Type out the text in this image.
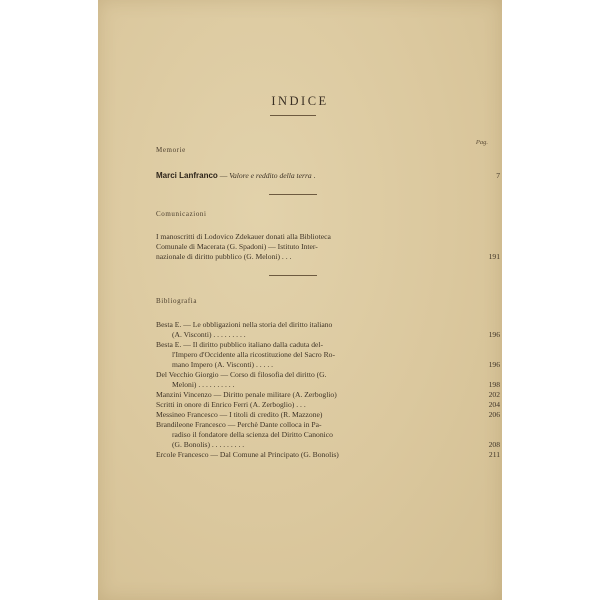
INDICE
Pag.
Memorie
Marci Lanfranco — Valore e reddito della terra .	7
Comunicazioni
I manoscritti di Lodovico Zdekauer donati alla Biblioteca
Comunale di Macerata (G. Spadoni) — Istituto Inter-
nazionale di diritto pubblico (G. Meloni) . . .	191
Bibliografia
Besta E. — Le obbligazioni nella storia del diritto italiano
(A. Visconti) . . . . . . . . .	196
Besta E. — Il diritto pubblico italiano dalla caduta del-
l'Impero d'Occidente alla ricostituzione del Sacro Ro-
mano Impero (A. Visconti) . . . . .	196
Del Vecchio Giorgio — Corso di filosofia del diritto (G.
Meloni) . . . . . . . . . .	198
Manzini Vincenzo — Diritto penale militare (A. Zerboglio)	202
Scritti in onore di Enrico Ferri (A. Zerboglio) . . .	204
Messineo Francesco — I titoli di credito (R. Mazzone)	206
Brandileone Francesco — Perchè Dante colloca in Pa-
radiso il fondatore della scienza del Diritto Canonico
(G. Bonolis) . . . . . . . . .	208
Ercole Francesco — Dal Comune al Principato (G. Bonolis)	211
